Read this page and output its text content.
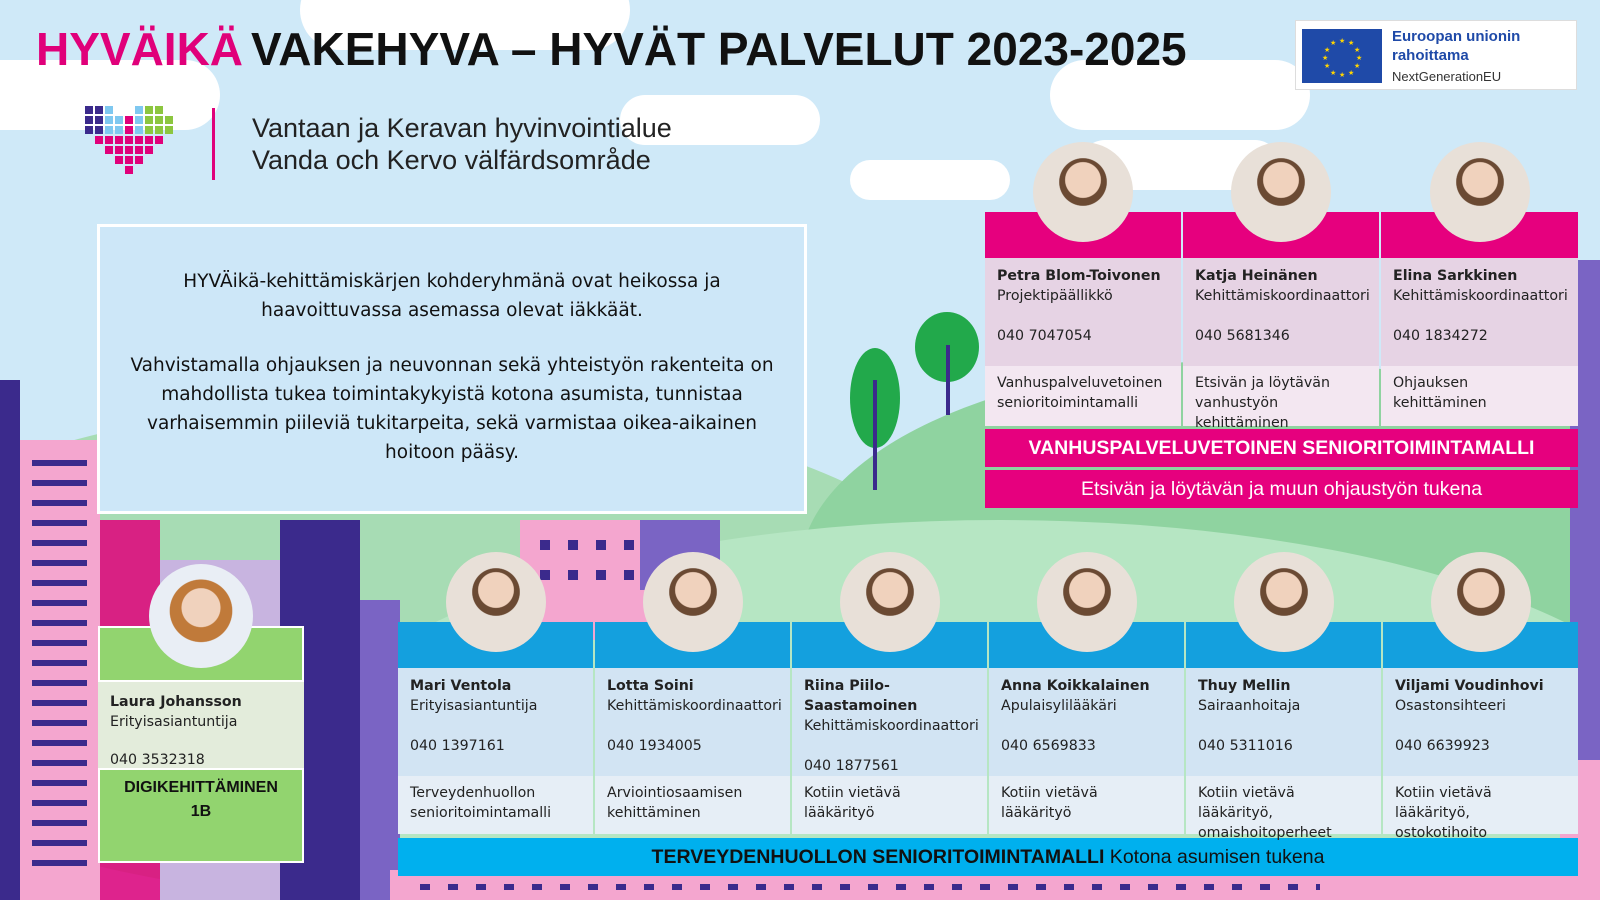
HYVÄIKÄ VAKEHYVA – HYVÄT PALVELUT 2023-2025	★ ★
★
★
★
★
★
★
★
★
★
★	Euroopan unionin
rahoittama
NextGenerationEU
Vantaan ja Keravan hyvinvointialue
Vanda och Kervo välfärdsområde

HYVÄikä-kehittämiskärjen kohderyhmänä ovat heikossa ja haavoittuvassa asemassa olevat iäkkäät.

Vahvistamalla ohjauksen ja neuvonnan sekä yhteistyön rakenteita on mahdollista tukea toimintakykyistä kotona asumista, tunnistaa varhaisemmin piileviä tukitarpeita, sekä varmistaa oikea-aikainen hoitoon pääsy.

Petra Blom-Toivonen
Projektipäällikkö
040 7047054
Vanhuspalveluvetoinen senioritoimintamalli
Katja Heinänen
Kehittämiskoordinaattori
040 5681346
Etsivän ja löytävän vanhustyön kehittäminen
Elina Sarkkinen
Kehittämiskoordinaattori
040 1834272
Ohjauksen kehittäminen
VANHUSPALVELUVETOINEN SENIORITOIMINTAMALLI
Etsivän ja löytävän ja muun ohjaustyön tukena
Mari Ventola
Erityisasiantuntija
040 1397161
Terveydenhuollon senioritoimintamalli
Lotta Soini
Kehittämiskoordinaattori
040 1934005
Arviointiosaamisen kehittäminen
Riina Piilo-Saastamoinen
Kehittämiskoordinaattori
040 1877561
Kotiin vietävä lääkärityö
Anna Koikkalainen
Apulaisylilääkäri
040 6569833
Kotiin vietävä lääkärityö
Thuy Mellin
Sairaanhoitaja
040 5311016
Kotiin vietävä lääkärityö, omaishoitoperheet
Viljami Voudinhovi
Osastonsihteeri
040 6639923
Kotiin vietävä lääkärityö, ostokotihoito
TERVEYDENHUOLLON SENIORITOIMINTAMALLI Kotona asumisen tukena
Laura Johansson
Erityisasiantuntija
040 3532318
DIGIKEHITTÄMINEN
1B
